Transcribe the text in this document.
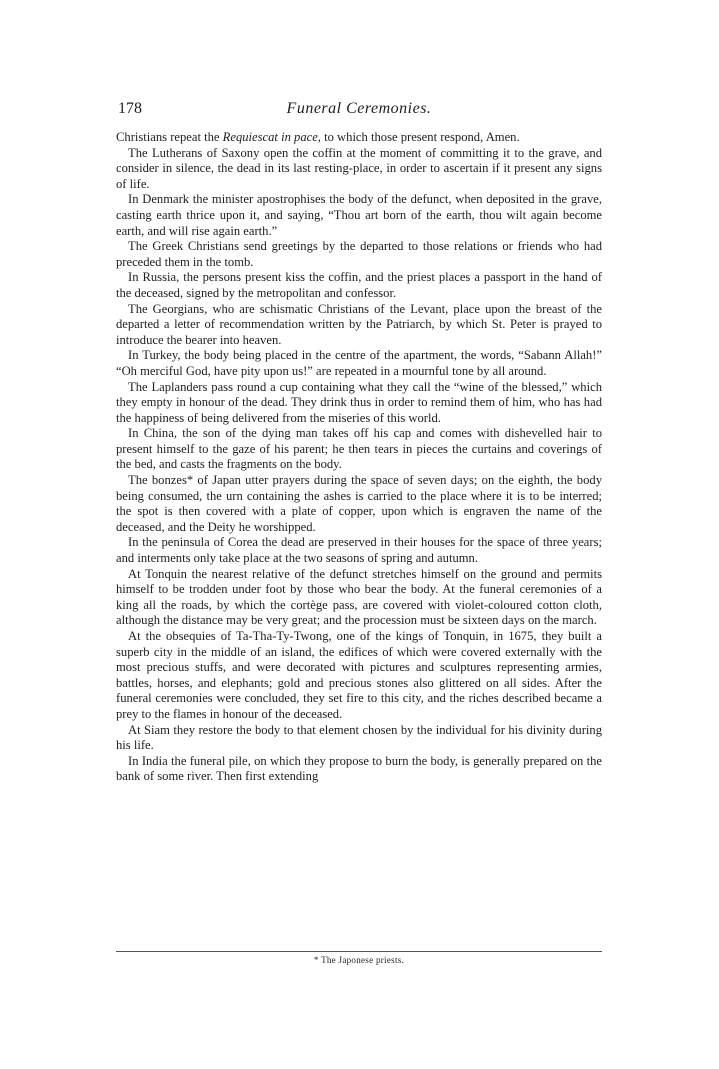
178	Funeral Ceremonies.

Christians repeat the Requiescat in pace, to which those present respond, Amen.

The Lutherans of Saxony open the coffin at the moment of committing it to the grave, and consider in silence, the dead in its last resting-place, in order to ascertain if it present any signs of life.

In Denmark the minister apostrophises the body of the defunct, when deposited in the grave, casting earth thrice upon it, and saying, “Thou art born of the earth, thou wilt again become earth, and will rise again earth.”

The Greek Christians send greetings by the departed to those relations or friends who had preceded them in the tomb.

In Russia, the persons present kiss the coffin, and the priest places a passport in the hand of the deceased, signed by the metropolitan and confessor.

The Georgians, who are schismatic Christians of the Levant, place upon the breast of the departed a letter of recommendation written by the Patriarch, by which St. Peter is prayed to introduce the bearer into heaven.

In Turkey, the body being placed in the centre of the apartment, the words, “Sabann Allah!” “Oh merciful God, have pity upon us!” are repeated in a mournful tone by all around.

The Laplanders pass round a cup containing what they call the “wine of the blessed,” which they empty in honour of the dead. They drink thus in order to remind them of him, who has had the happiness of being delivered from the miseries of this world.

In China, the son of the dying man takes off his cap and comes with dishevelled hair to present himself to the gaze of his parent; he then tears in pieces the curtains and coverings of the bed, and casts the fragments on the body.

The bonzes* of Japan utter prayers during the space of seven days; on the eighth, the body being consumed, the urn containing the ashes is carried to the place where it is to be interred; the spot is then covered with a plate of copper, upon which is engraven the name of the deceased, and the Deity he worshipped.

In the peninsula of Corea the dead are preserved in their houses for the space of three years; and interments only take place at the two seasons of spring and autumn.

At Tonquin the nearest relative of the defunct stretches himself on the ground and permits himself to be trodden under foot by those who bear the body. At the funeral ceremonies of a king all the roads, by which the cortège pass, are covered with violet-coloured cotton cloth, although the distance may be very great; and the procession must be sixteen days on the march.

At the obsequies of Ta-Tha-Ty-Twong, one of the kings of Tonquin, in 1675, they built a superb city in the middle of an island, the edifices of which were covered externally with the most precious stuffs, and were decorated with pictures and sculptures representing armies, battles, horses, and elephants; gold and precious stones also glittered on all sides. After the funeral ceremonies were concluded, they set fire to this city, and the riches described became a prey to the flames in honour of the deceased.

At Siam they restore the body to that element chosen by the individual for his divinity during his life.

In India the funeral pile, on which they propose to burn the body, is generally prepared on the bank of some river. Then first extending

* The Japonese priests.
